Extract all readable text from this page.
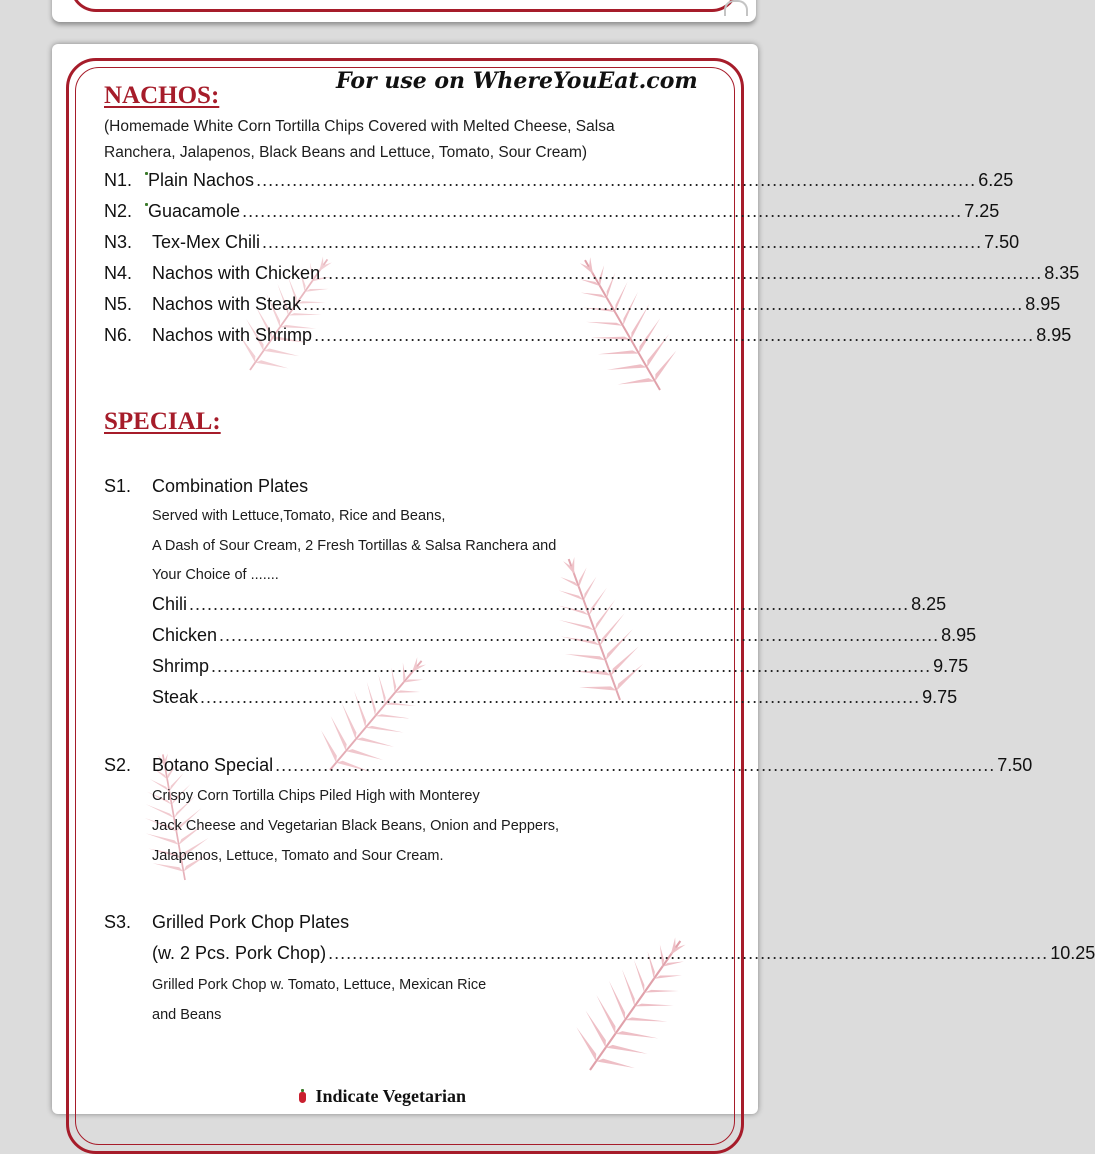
For use on WhereYouEat.com
NACHOS:
(Homemade White Corn Tortilla Chips Covered with Melted Cheese, Salsa
Ranchera, Jalapenos, Black Beans and Lettuce, Tomato, Sour Cream)
N1. Plain Nachos ........................................................................................................................ 6.25
N2. Guacamole ........................................................................................................................ 7.25
N3.	Tex-Mex Chili ........................................................................................................................ 7.50
N4.	Nachos with Chicken ........................................................................................................................ 8.35
N5.	Nachos with Steak ........................................................................................................................ 8.95
N6.	Nachos with Shrimp ........................................................................................................................ 8.95
SPECIAL:
S1.	Combination Plates
Served with Lettuce,Tomato, Rice and Beans,
A Dash of Sour Cream, 2 Fresh Tortillas & Salsa Ranchera and
Your Choice of .......
Chili ........................................................................................................................ 8.25
Chicken ........................................................................................................................ 8.95
Shrimp ........................................................................................................................ 9.75
Steak ........................................................................................................................ 9.75
S2.	Botano Special ........................................................................................................................ 7.50
Crispy Corn Tortilla Chips Piled High with Monterey
Jack Cheese and Vegetarian Black Beans, Onion and Peppers,
Jalapenos, Lettuce, Tomato and Sour Cream.
S3.	Grilled Pork Chop Plates
(w. 2 Pcs. Pork Chop) ........................................................................................................................ 10.25
Grilled Pork Chop w. Tomato, Lettuce, Mexican Rice
and Beans
Indicate Vegetarian
